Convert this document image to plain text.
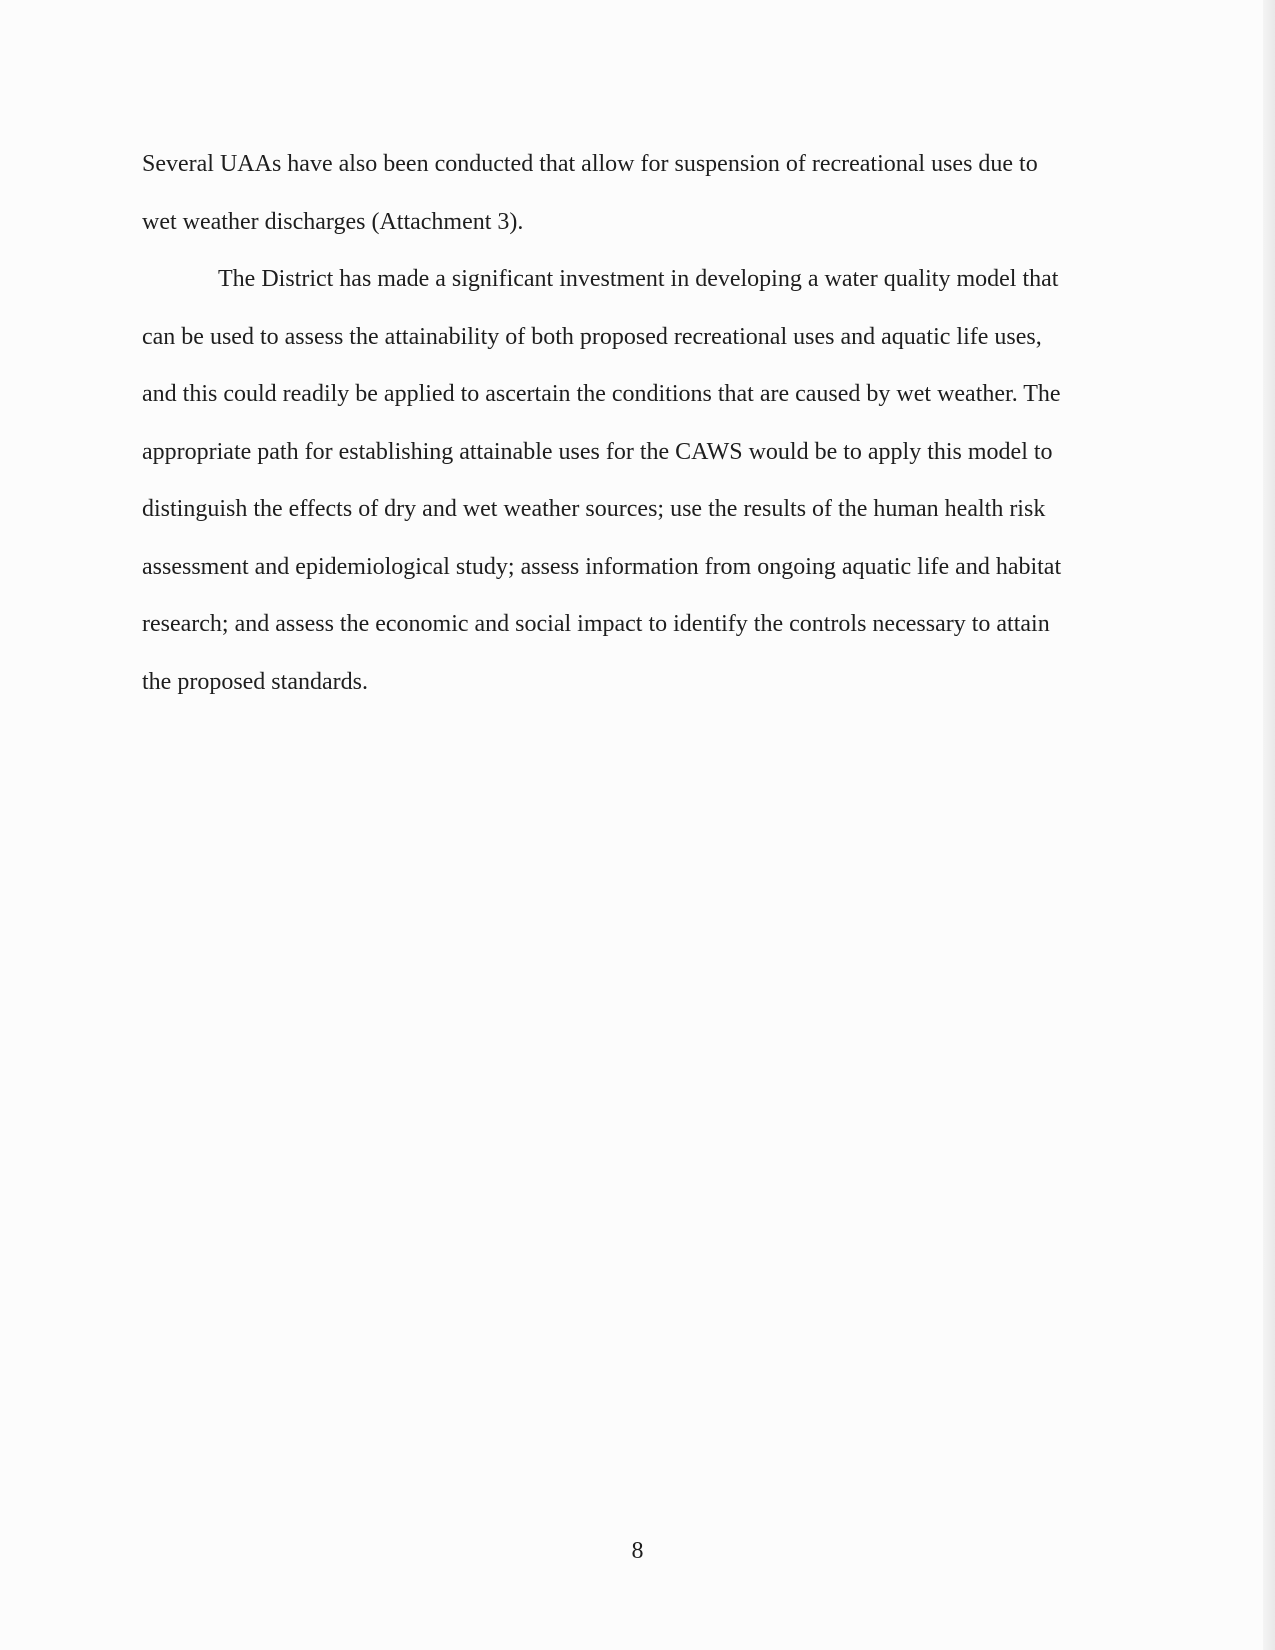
Several UAAs have also been conducted that allow for suspension of recreational uses due to
wet weather discharges (Attachment 3).
The District has made a significant investment in developing a water quality model that
can be used to assess the attainability of both proposed recreational uses and aquatic life uses,
and this could readily be applied to ascertain the conditions that are caused by wet weather. The
appropriate path for establishing attainable uses for the CAWS would be to apply this model to
distinguish the effects of dry and wet weather sources; use the results of the human health risk
assessment and epidemiological study; assess information from ongoing aquatic life and habitat
research; and assess the economic and social impact to identify the controls necessary to attain
the proposed standards.
8
